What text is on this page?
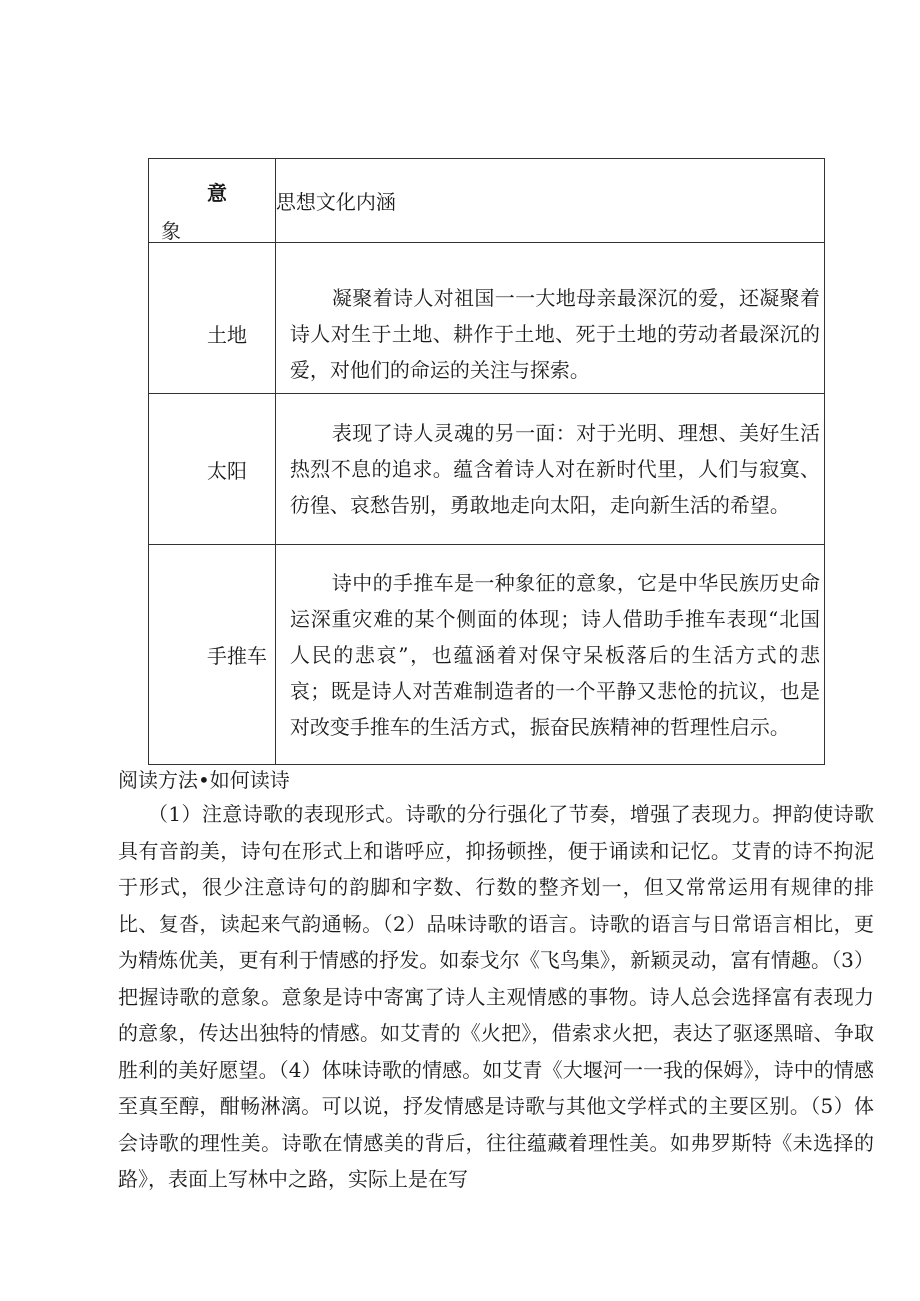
意
象	思想文化内涵

土地	凝聚着诗人对祖国一一大地母亲最深沉的爱，还凝聚着诗人对生于土地、耕作于土地、死于土地的劳动者最深沉的爱，对他们的命运的关注与探索。

太阳	表现了诗人灵魂的另一面：对于光明、理想、美好生活热烈不息的追求。蕴含着诗人对在新时代里，人们与寂寞、彷徨、哀愁告别，勇敢地走向太阳，走向新生活的希望。

手推车	诗中的手推车是一种象征的意象，它是中华民族历史命运深重灾难的某个侧面的体现；诗人借助手推车表现“北国人民的悲哀”，也蕴涵着对保守呆板落后的生活方式的悲哀；既是诗人对苦难制造者的一个平静又悲怆的抗议，也是对改变手推车的生活方式，振奋民族精神的哲理性启示。
阅读方法•如何读诗
（1）注意诗歌的表现形式。诗歌的分行强化了节奏，增强了表现力。押韵使诗歌具有音韵美，诗句在形式上和谐呼应，抑扬顿挫，便于诵读和记忆。艾青的诗不拘泥于形式，很少注意诗句的韵脚和字数、行数的整齐划一，但又常常运用有规律的排比、复沓，读起来气韵通畅。（2）品味诗歌的语言。诗歌的语言与日常语言相比，更为精炼优美，更有利于情感的抒发。如泰戈尔《飞鸟集》，新颖灵动，富有情趣。（3）把握诗歌的意象。意象是诗中寄寓了诗人主观情感的事物。诗人总会选择富有表现力的意象，传达出独特的情感。如艾青的《火把》，借索求火把，表达了驱逐黑暗、争取胜利的美好愿望。（4）体味诗歌的情感。如艾青《大堰河一一我的保姆》，诗中的情感至真至醇，酣畅淋漓。可以说，抒发情感是诗歌与其他文学样式的主要区别。（5）体会诗歌的理性美。诗歌在情感美的背后，往往蕴藏着理性美。如弗罗斯特《未选择的路》，表面上写林中之路，实际上是在写
